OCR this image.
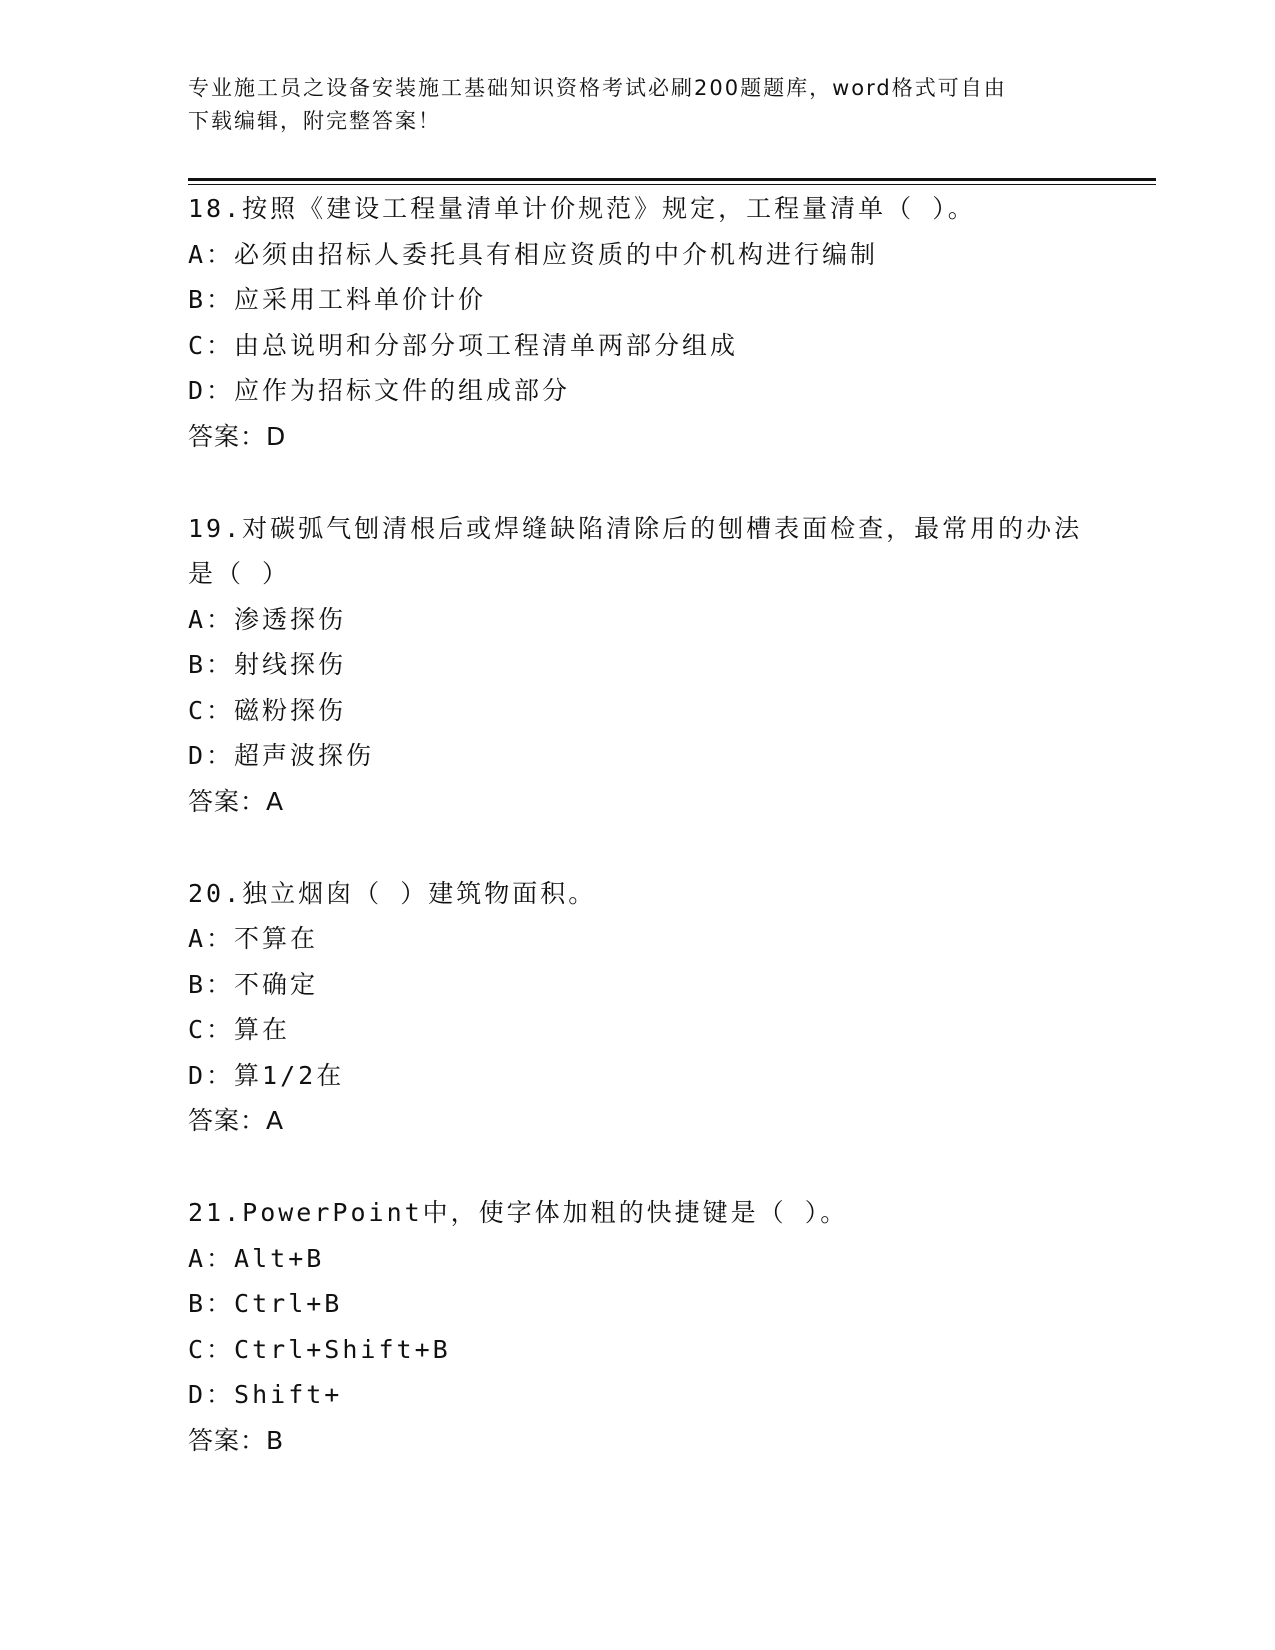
专业施工员之设备安装施工基础知识资格考试必刷200题题库，word格式可自由
下载编辑，附完整答案！
18.按照《建设工程量清单计价规范》规定，工程量清单（ ）。
A：必须由招标人委托具有相应资质的中介机构进行编制
B：应采用工料单价计价
C：由总说明和分部分项工程清单两部分组成
D：应作为招标文件的组成部分
答案：D
19.对碳弧气刨清根后或焊缝缺陷清除后的刨槽表面检查，最常用的办法是（ ）
A：渗透探伤
B：射线探伤
C：磁粉探伤
D：超声波探伤
答案：A
20.独立烟囱（ ）建筑物面积。
A：不算在
B：不确定
C：算在
D：算1/2在
答案：A
21.PowerPoint中，使字体加粗的快捷键是（ ）。
A：Alt+B
B：Ctrl+B
C：Ctrl+Shift+B
D：Shift+
答案：B
